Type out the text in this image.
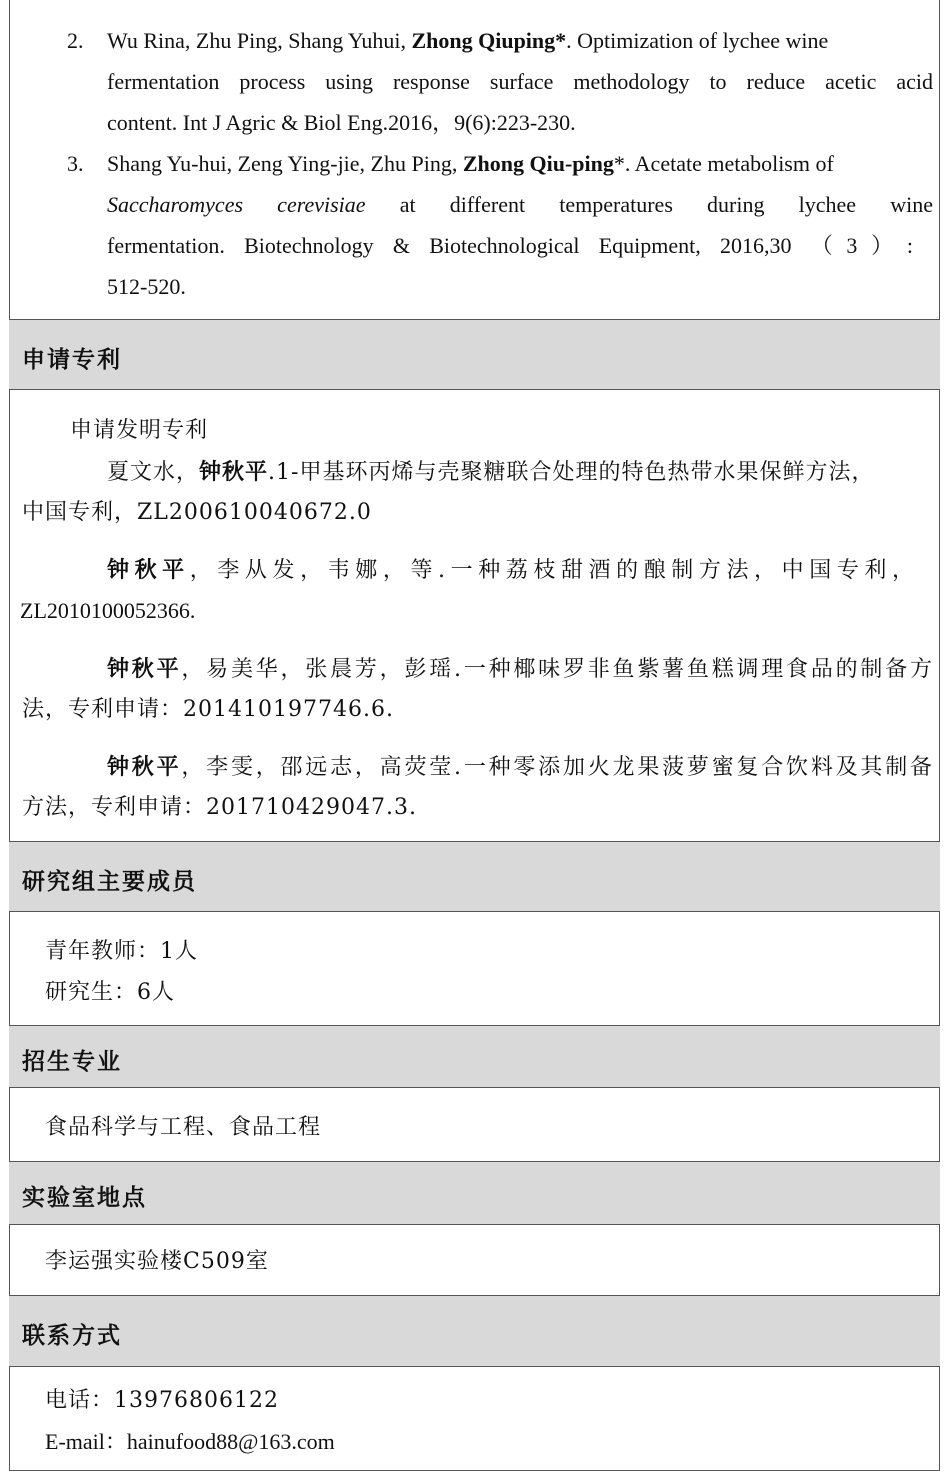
2. Wu Rina, Zhu Ping, Shang Yuhui, Zhong Qiuping*. Optimization of lychee wine
fermentation process using response surface methodology to reduce acetic acid
content. Int J Agric & Biol Eng.2016，9(6):223-230.
3. Shang Yu-hui, Zeng Ying-jie, Zhu Ping, Zhong Qiu-ping*. Acetate metabolism of
Saccharomyces cerevisiae at different temperatures during lychee wine
fermentation. Biotechnology & Biotechnological Equipment, 2016,30 （3）:
512-520.
申请专利
申请发明专利
夏文水，钟秋平.1-甲基环丙烯与壳聚糖联合处理的特色热带水果保鲜方法，
中国专利，ZL200610040672.0
钟秋平，李从发，韦娜，等.一种荔枝甜酒的酿制方法，中国专利，
ZL2010100052366.
钟秋平，易美华，张晨芳，彭瑶.一种椰味罗非鱼紫薯鱼糕调理食品的制备方
法，专利申请：201410197746.6.
钟秋平，李雯，邵远志，高荧莹.一种零添加火龙果菠萝蜜复合饮料及其制备
方法，专利申请：201710429047.3.
研究组主要成员
青年教师：1人
研究生：6人
招生专业
食品科学与工程、食品工程
实验室地点
李运强实验楼C509室
联系方式
电话：13976806122
E-mail：hainufood88@163.com
